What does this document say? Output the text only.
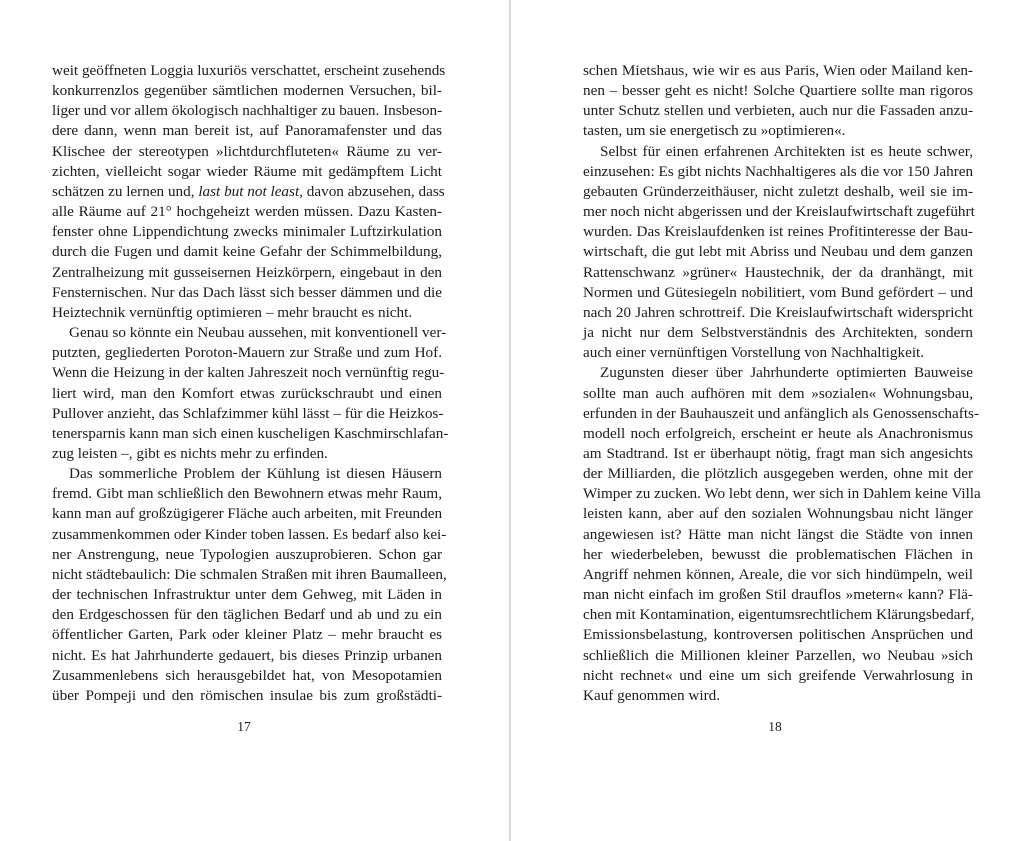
weit geöffneten Loggia luxuriös verschattet, erscheint zusehends
konkurrenzlos gegenüber sämtlichen modernen Versuchen, bil-
liger und vor allem ökologisch nachhaltiger zu bauen. Insbeson-
dere dann, wenn man bereit ist, auf Panoramafenster und das
Klischee der stereotypen »lichtdurchfluteten« Räume zu ver-
zichten, vielleicht sogar wieder Räume mit gedämpftem Licht
schätzen zu lernen und, last but not least, davon abzusehen, dass
alle Räume auf 21° hochgeheizt werden müssen. Dazu Kasten-
fenster ohne Lippendichtung zwecks minimaler Luftzirkulation
durch die Fugen und damit keine Gefahr der Schimmelbildung,
Zentralheizung mit gusseisernen Heizkörpern, eingebaut in den
Fensternischen. Nur das Dach lässt sich besser dämmen und die
Heiztechnik vernünftig optimieren – mehr braucht es nicht.
Genau so könnte ein Neubau aussehen, mit konventionell ver-
putzten, gegliederten Poroton-Mauern zur Straße und zum Hof.
Wenn die Heizung in der kalten Jahreszeit noch vernünftig regu-
liert wird, man den Komfort etwas zurückschraubt und einen
Pullover anzieht, das Schlafzimmer kühl lässt – für die Heizkos-
tenersparnis kann man sich einen kuscheligen Kaschmirschlafan-
zug leisten –, gibt es nichts mehr zu erfinden.
Das sommerliche Problem der Kühlung ist diesen Häusern
fremd. Gibt man schließlich den Bewohnern etwas mehr Raum,
kann man auf großzügigerer Fläche auch arbeiten, mit Freunden
zusammenkommen oder Kinder toben lassen. Es bedarf also kei-
ner Anstrengung, neue Typologien auszuprobieren. Schon gar
nicht städtebaulich: Die schmalen Straßen mit ihren Baumalleen,
der technischen Infrastruktur unter dem Gehweg, mit Läden in
den Erdgeschossen für den täglichen Bedarf und ab und zu ein
öffentlicher Garten, Park oder kleiner Platz – mehr braucht es
nicht. Es hat Jahrhunderte gedauert, bis dieses Prinzip urbanen
Zusammenlebens sich herausgebildet hat, von Mesopotamien
über Pompeji und den römischen insulae bis zum großstädti-
17
schen Mietshaus, wie wir es aus Paris, Wien oder Mailand ken-
nen – besser geht es nicht! Solche Quartiere sollte man rigoros
unter Schutz stellen und verbieten, auch nur die Fassaden anzu-
tasten, um sie energetisch zu »optimieren«.
Selbst für einen erfahrenen Architekten ist es heute schwer,
einzusehen: Es gibt nichts Nachhaltigeres als die vor 150 Jahren
gebauten Gründerzeithäuser, nicht zuletzt deshalb, weil sie im-
mer noch nicht abgerissen und der Kreislaufwirtschaft zugeführt
wurden. Das Kreislaufdenken ist reines Profitinteresse der Bau-
wirtschaft, die gut lebt mit Abriss und Neubau und dem ganzen
Rattenschwanz »grüner« Haustechnik, der da dranhängt, mit
Normen und Gütesiegeln nobilitiert, vom Bund gefördert – und
nach 20 Jahren schrottreif. Die Kreislaufwirtschaft widerspricht
ja nicht nur dem Selbstverständnis des Architekten, sondern
auch einer vernünftigen Vorstellung von Nachhaltigkeit.
Zugunsten dieser über Jahrhunderte optimierten Bauweise
sollte man auch aufhören mit dem »sozialen« Wohnungsbau,
erfunden in der Bauhauszeit und anfänglich als Genossenschafts-
modell noch erfolgreich, erscheint er heute als Anachronismus
am Stadtrand. Ist er überhaupt nötig, fragt man sich angesichts
der Milliarden, die plötzlich ausgegeben werden, ohne mit der
Wimper zu zucken. Wo lebt denn, wer sich in Dahlem keine Villa
leisten kann, aber auf den sozialen Wohnungsbau nicht länger
angewiesen ist? Hätte man nicht längst die Städte von innen
her wiederbeleben, bewusst die problematischen Flächen in
Angriff nehmen können, Areale, die vor sich hindümpeln, weil
man nicht einfach im großen Stil drauflos »metern« kann? Flä-
chen mit Kontamination, eigentumsrechtlichem Klärungsbedarf,
Emissionsbelastung, kontroversen politischen Ansprüchen und
schließlich die Millionen kleiner Parzellen, wo Neubau »sich
nicht rechnet« und eine um sich greifende Verwahrlosung in
Kauf genommen wird.
18
